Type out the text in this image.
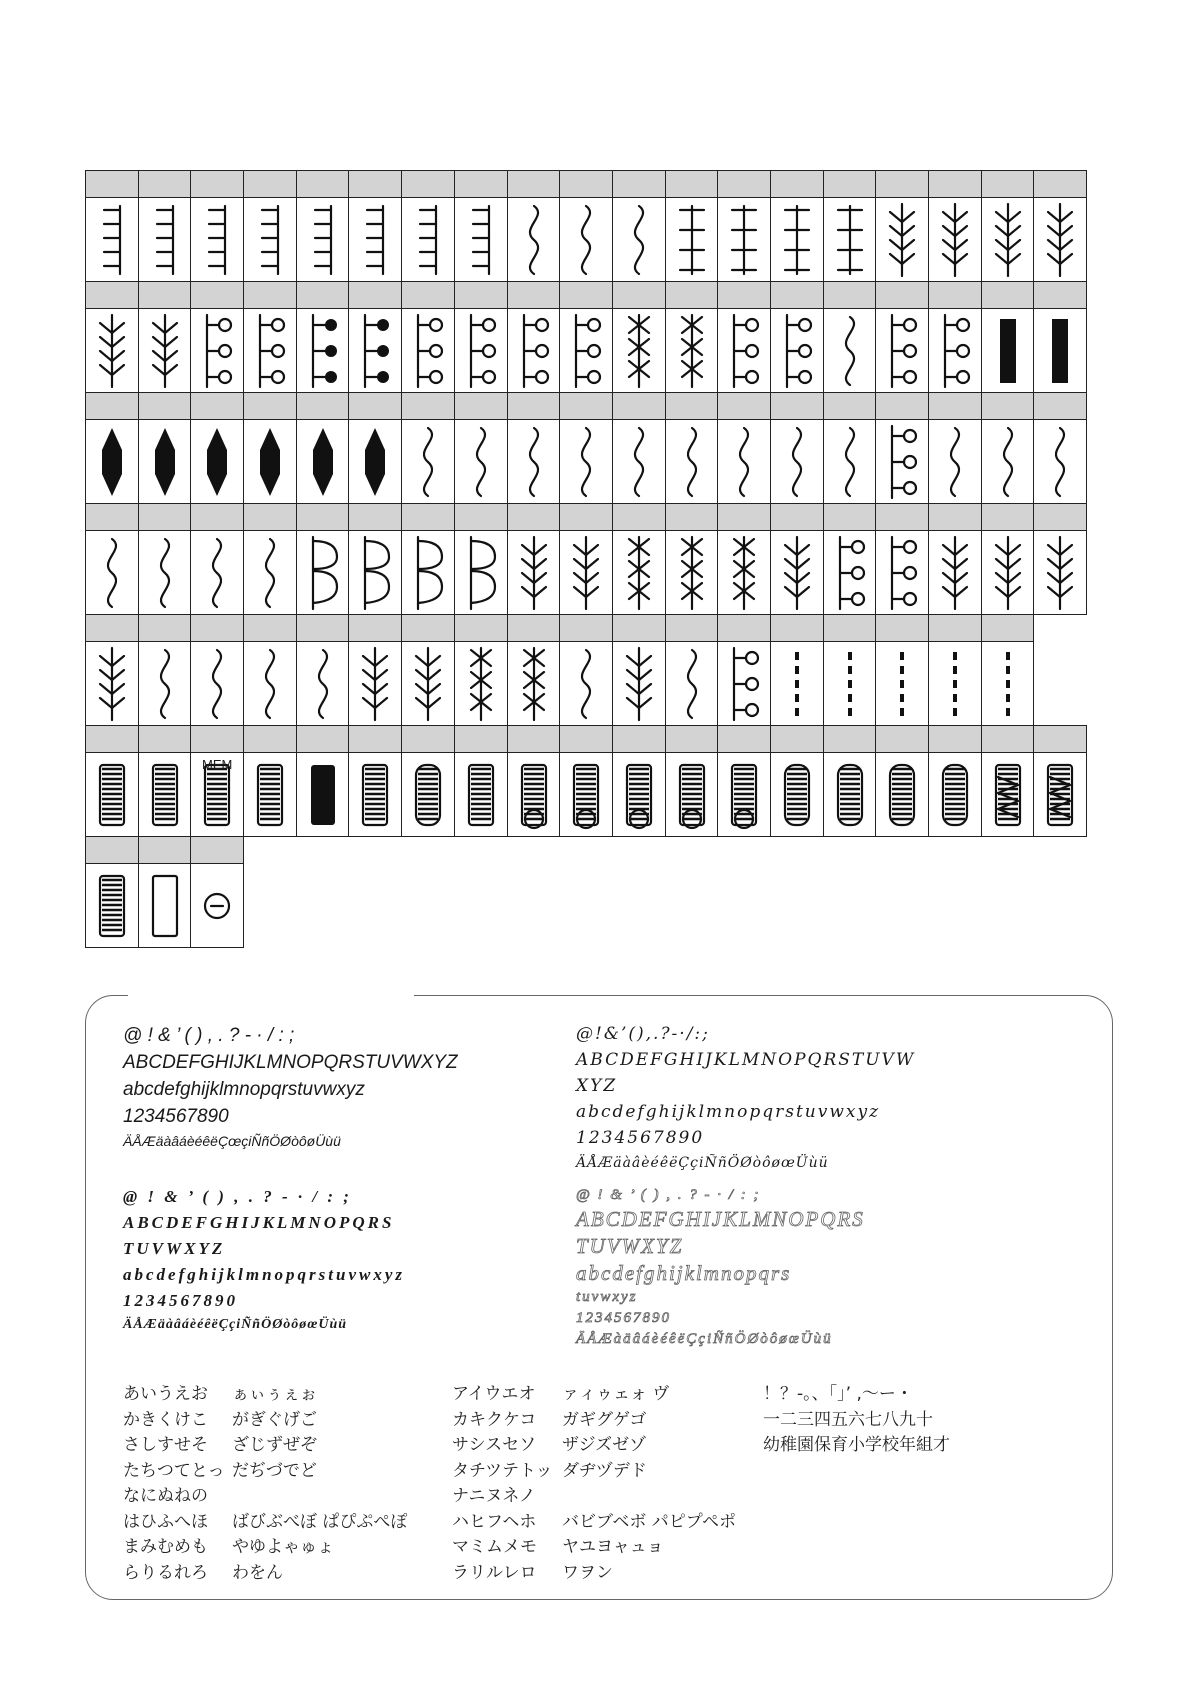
MEM
@ ! & ’ ( ) , . ? - · / : ;
ABCDEFGHIJKLMNOPQRSTUVWXYZ
abcdefghijklmnopqrstuvwxyz
1234567890
ÄÅÆäàâáèéêëÇœçiÑñÖØòôøÜùü
@!&’(),.?-·/:;
ABCDEFGHIJKLMNOPQRSTUVW
XYZ
abcdefghijklmnopqrstuvwxyz
1234567890
ÄÅÆäàâèéêëÇçiÑñÖØòôøœÜùü
@ ! & ’ ( ) , . ? - · / : ;
ABCDEFGHIJKLMNOPQRS
TUVWXYZ
abcdefghijklmnopqrstuvwxyz
1234567890
ÄÅÆäàâáèéêëÇçiÑñÖØòôøœÜùü
@ ! & ’ ( ) , . ? - · / : ;
ABCDEFGHIJKLMNOPQRS
TUVWXYZ
abcdefghijklmnopqrs
tuvwxyz
1234567890
ÄÅÆàäâáèéêëÇçiÑñÖØòôøœÜùü
あいうえお
かきくけこ
さしすせそ
たちつてとっ
なにぬねの
はひふへほ
まみむめも
らりるれろ
ぁぃぅぇぉ
がぎぐげご
ざじずぜぞ
だぢづでど
ばびぶべぼ ぱぴぷぺぽ
やゆよゃゅょ
わをん
アイウエオ
カキクケコ
サシスセソ
タチツテトッ
ナニヌネノ
ハヒフヘホ
マミムメモ
ラリルレロ
ァィゥェォ ヴ
ガギグゲゴ
ザジズゼゾ
ダヂヅデド
バビブベボ パピプペポ
ヤユヨャュョ
ワヲン
！？-。、「」’ ,〜ー・
一二三四五六七八九十
幼稚園保育小学校年組才
